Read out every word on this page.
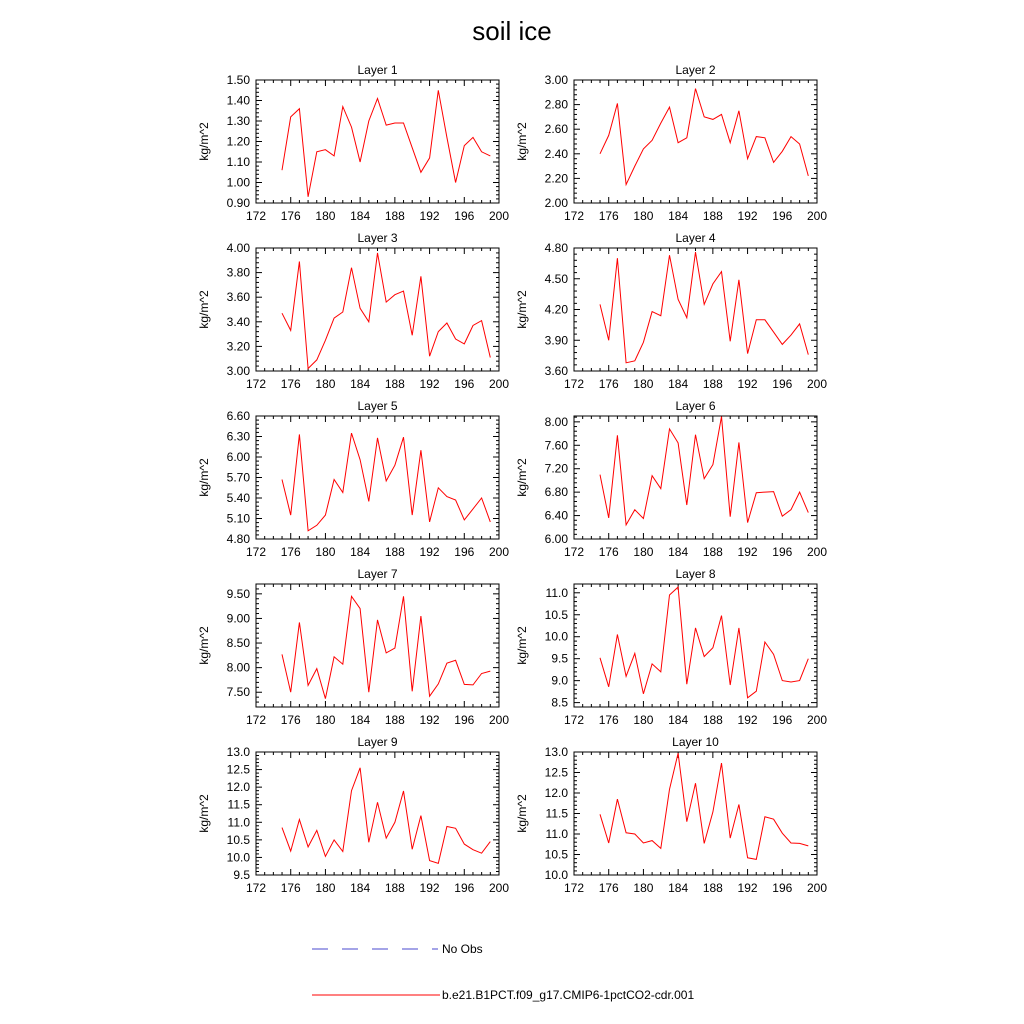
soil ice
Layer 1
kg/m^2
172 176 180 184 188 192 196 200
0.90
1.00
1.10
1.20
1.30
1.40
1.50
Layer 2
kg/m^2
172 176 180 184 188 192 196 200
2.00
2.20
2.40
2.60
2.80
3.00
Layer 3
kg/m^2
172 176 180 184 188 192 196 200
3.00
3.20
3.40
3.60
3.80
4.00
Layer 4
kg/m^2
172 176 180 184 188 192 196 200
3.60
3.90
4.20
4.50
4.80
Layer 5
kg/m^2
172 176 180 184 188 192 196 200
4.80
5.10
5.40
5.70
6.00
6.30
6.60
Layer 6
kg/m^2
172 176 180 184 188 192 196 200
6.00
6.40
6.80
7.20
7.60
8.00
Layer 7
kg/m^2
172 176 180 184 188 192 196 200
7.50
8.00
8.50
9.00
9.50
Layer 8
kg/m^2
172 176 180 184 188 192 196 200
8.5
9.0
9.5
10.0
10.5
11.0
Layer 9
kg/m^2
172 176 180 184 188 192 196 200
9.5
10.0
10.5
11.0
11.5
12.0
12.5
13.0
Layer 10
kg/m^2
172 176 180 184 188 192 196 200
10.0
10.5
11.0
11.5
12.0
12.5
13.0
No Obs
b.e21.B1PCT.f09_g17.CMIP6-1pctCO2-cdr.001
